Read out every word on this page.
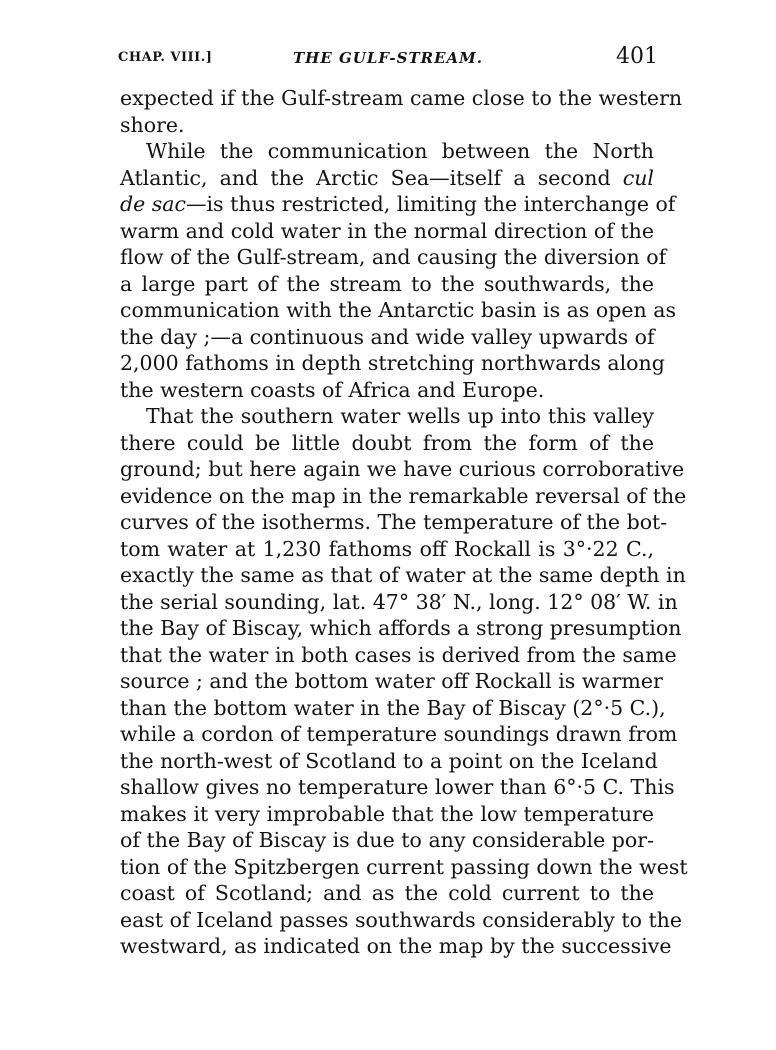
CHAP. VIII.]	THE GULF-STREAM.	401
expected if the Gulf-stream came close to the western
shore.
While the communication between the North
Atlantic, and the Arctic Sea—itself a second cul
de sac—is thus restricted, limiting the interchange of
warm and cold water in the normal direction of the
flow of the Gulf-stream, and causing the diversion of
a large part of the stream to the southwards, the
communication with the Antarctic basin is as open as
the day ;—a continuous and wide valley upwards of
2,000 fathoms in depth stretching northwards along
the western coasts of Africa and Europe.
That the southern water wells up into this valley
there could be little doubt from the form of the
ground; but here again we have curious corroborative
evidence on the map in the remarkable reversal of the
curves of the isotherms. The temperature of the bot-
tom water at 1,230 fathoms off Rockall is 3°·22 C.,
exactly the same as that of water at the same depth in
the serial sounding, lat. 47° 38′ N., long. 12° 08′ W. in
the Bay of Biscay, which affords a strong presumption
that the water in both cases is derived from the same
source ; and the bottom water off Rockall is warmer
than the bottom water in the Bay of Biscay (2°·5 C.),
while a cordon of temperature soundings drawn from
the north-west of Scotland to a point on the Iceland
shallow gives no temperature lower than 6°·5 C. This
makes it very improbable that the low temperature
of the Bay of Biscay is due to any considerable por-
tion of the Spitzbergen current passing down the west
coast of Scotland; and as the cold current to the
east of Iceland passes southwards considerably to the
westward, as indicated on the map by the successive
